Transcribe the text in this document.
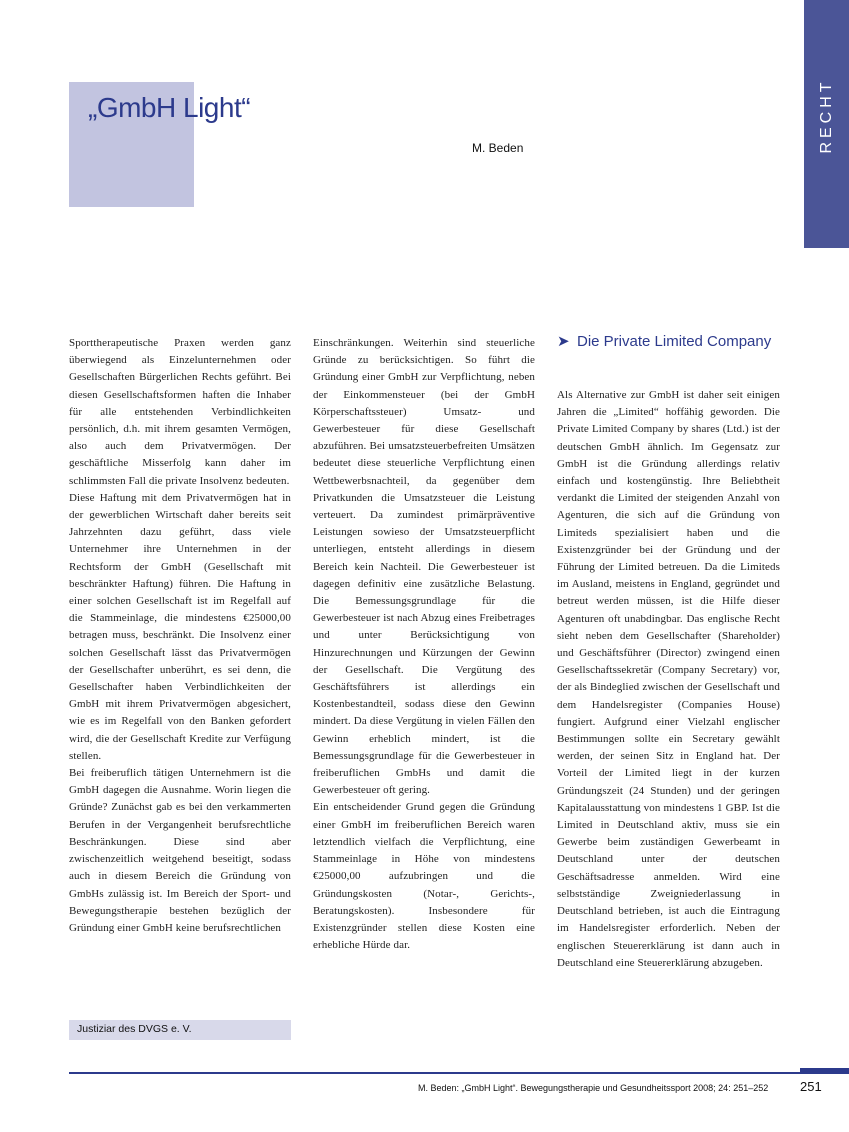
RECHT
„GmbH Light“
M. Beden

Sporttherapeutische Praxen werden ganz überwiegend als Einzelunternehmen oder Gesellschaften Bürgerlichen Rechts geführt. Bei diesen Gesellschaftsformen haften die Inhaber für alle entstehenden Verbindlichkeiten persönlich, d.h. mit ihrem gesamten Vermögen, also auch dem Privatvermögen. Der geschäftliche Misserfolg kann daher im schlimmsten Fall die private Insolvenz bedeuten.

Diese Haftung mit dem Privatvermögen hat in der gewerblichen Wirtschaft daher bereits seit Jahrzehnten dazu geführt, dass viele Unternehmer ihre Unternehmen in der Rechtsform der GmbH (Gesellschaft mit beschränkter Haftung) führen. Die Haftung in einer solchen Gesellschaft ist im Regelfall auf die Stammeinlage, die mindestens €25000,00 betragen muss, beschränkt. Die Insolvenz einer solchen Gesellschaft lässt das Privatvermögen der Gesellschafter unberührt, es sei denn, die Gesellschafter haben Verbindlichkeiten der GmbH mit ihrem Privatvermögen abgesichert, wie es im Regelfall von den Banken gefordert wird, die der Gesellschaft Kredite zur Verfügung stellen.

Bei freiberuflich tätigen Unternehmern ist die GmbH dagegen die Ausnahme. Worin liegen die Gründe? Zunächst gab es bei den verkammerten Berufen in der Vergangenheit berufsrechtliche Beschränkungen. Diese sind aber zwischenzeitlich weitgehend beseitigt, sodass auch in diesem Bereich die Gründung von GmbHs zulässig ist. Im Bereich der Sport- und Bewegungstherapie bestehen bezüglich der Gründung einer GmbH keine berufsrechtlichen

Einschränkungen. Weiterhin sind steuerliche Gründe zu berücksichtigen. So führt die Gründung einer GmbH zur Verpflichtung, neben der Einkommensteuer (bei der GmbH Körperschaftssteuer) Umsatz- und Gewerbesteuer für diese Gesellschaft abzuführen. Bei umsatzsteuerbefreiten Umsätzen bedeutet diese steuerliche Verpflichtung einen Wettbewerbsnachteil, da gegenüber dem Privatkunden die Umsatzsteuer die Leistung verteuert. Da zumindest primärpräventive Leistungen sowieso der Umsatzsteuerpflicht unterliegen, entsteht allerdings in diesem Bereich kein Nachteil. Die Gewerbesteuer ist dagegen definitiv eine zusätzliche Belastung. Die Bemessungsgrundlage für die Gewerbesteuer ist nach Abzug eines Freibetrages und unter Berücksichtigung von Hinzurechnungen und Kürzungen der Gewinn der Gesellschaft. Die Vergütung des Geschäftsführers ist allerdings ein Kostenbestandteil, sodass diese den Gewinn mindert. Da diese Vergütung in vielen Fällen den Gewinn erheblich mindert, ist die Bemessungsgrundlage für die Gewerbesteuer in freiberuflichen GmbHs und damit die Gewerbesteuer oft gering.

Ein entscheidender Grund gegen die Gründung einer GmbH im freiberuflichen Bereich waren letztendlich vielfach die Verpflichtung, eine Stammeinlage in Höhe von mindestens €25000,00 aufzubringen und die Gründungskosten (Notar-, Gerichts-, Beratungskosten). Insbesondere für Existenzgründer stellen diese Kosten eine erhebliche Hürde dar.

➤ Die Private Limited Company

Als Alternative zur GmbH ist daher seit einigen Jahren die „Limited“ hoffähig geworden. Die Private Limited Company by shares (Ltd.) ist der deutschen GmbH ähnlich. Im Gegensatz zur GmbH ist die Gründung allerdings relativ einfach und kostengünstig. Ihre Beliebtheit verdankt die Limited der steigenden Anzahl von Agenturen, die sich auf die Gründung von Limiteds spezialisiert haben und die Existenzgründer bei der Gründung und der Führung der Limited betreuen. Da die Limiteds im Ausland, meistens in England, gegründet und betreut werden müssen, ist die Hilfe dieser Agenturen oft unabdingbar. Das englische Recht sieht neben dem Gesellschafter (Shareholder) und Geschäftsführer (Director) zwingend einen Gesellschaftssekretär (Company Secretary) vor, der als Bindeglied zwischen der Gesellschaft und dem Handelsregister (Companies House) fungiert. Aufgrund einer Vielzahl englischer Bestimmungen sollte ein Secretary gewählt werden, der seinen Sitz in England hat. Der Vorteil der Limited liegt in der kurzen Gründungszeit (24 Stunden) und der geringen Kapitalausstattung von mindestens 1 GBP. Ist die Limited in Deutschland aktiv, muss sie ein Gewerbe beim zuständigen Gewerbeamt in Deutschland unter der deutschen Geschäftsadresse anmelden. Wird eine selbstständige Zweigniederlassung in Deutschland betrieben, ist auch die Eintragung im Handelsregister erforderlich. Neben der englischen Steuererklärung ist dann auch in Deutschland eine Steuererklärung abzugeben.

Justiziar des DVGS e. V.
M. Beden: „GmbH Light“. Bewegungstherapie und Gesundheitssport 2008; 24: 251–252 251
